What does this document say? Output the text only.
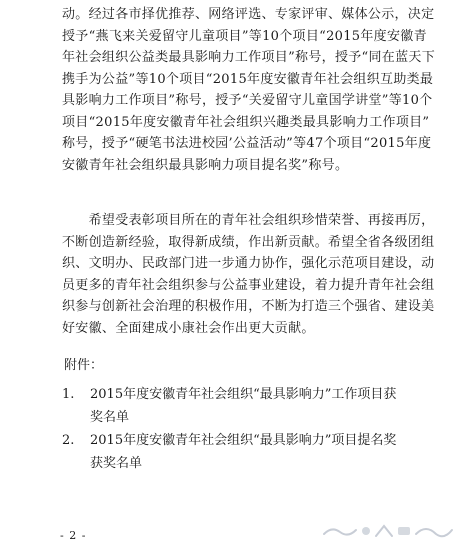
动。经过各市择优推荐、网络评选、专家评审、媒体公示，决定

授予“燕飞来关爱留守儿童项目”等10个项目“2015年度安徽青

年社会组织公益类最具影响力工作项目”称号，授予“同在蓝天下

携手为公益”等10个项目“2015年度安徽青年社会组织互助类最

具影响力工作项目”称号，授予“关爱留守儿童国学讲堂”等10个

项目“2015年度安徽青年社会组织兴趣类最具影响力工作项目”

称号，授予“硬笔书法进校园’公益活动”等47个项目“2015年度

安徽青年社会组织最具影响力项目提名奖”称号。

　　希望受表彰项目所在的青年社会组织珍惜荣誉、再接再厉，

不断创造新经验，取得新成绩，作出新贡献。希望全省各级团组

织、文明办、民政部门进一步通力协作，强化示范项目建设，动

员更多的青年社会组织参与公益事业建设，着力提升青年社会组

织参与创新社会治理的积极作用，不断为打造三个强省、建设美

好安徽、全面建成小康社会作出更大贡献。

附件：

1.	2015年度安徽青年社会组织“最具影响力”工作项目获

奖名单

2.	2015年度安徽青年社会组织“最具影响力”项目提名奖

获奖名单

- 2 -
